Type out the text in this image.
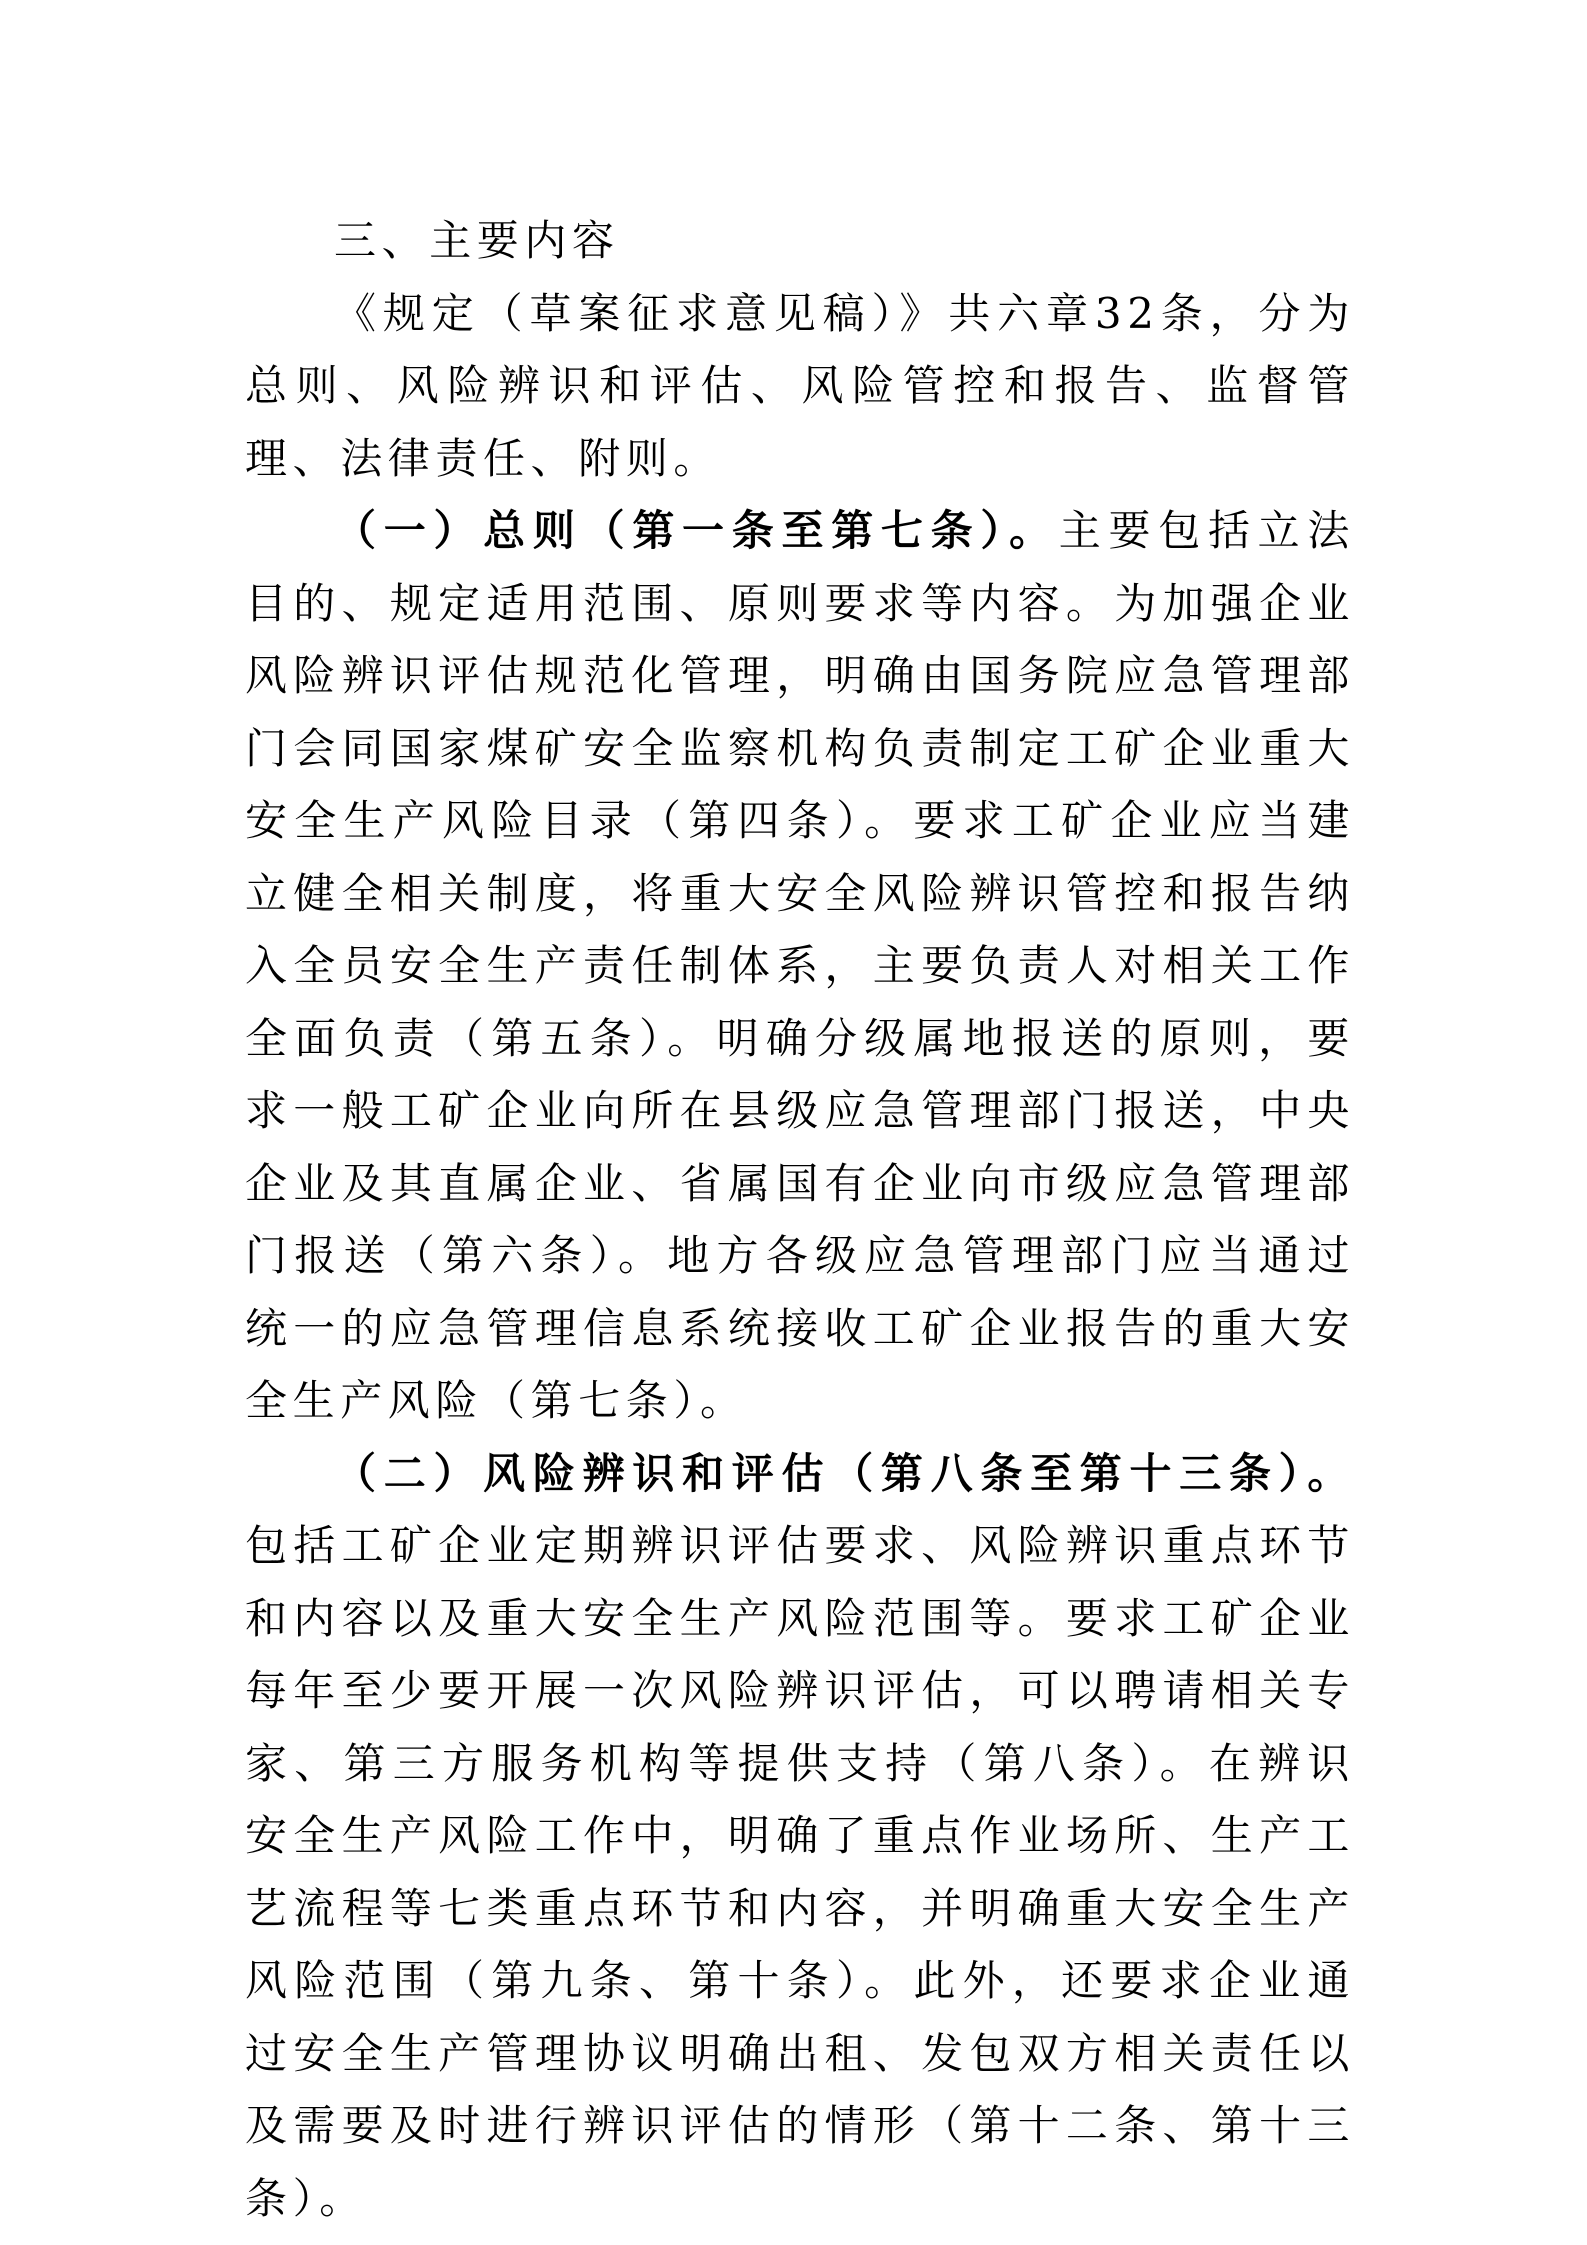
三、主要内容

《规定（草案征求意见稿）》共六章32条，分为总则、风险辨识和评估、风险管控和报告、监督管理、法律责任、附则。

（一）总则（第一条至第七条）。主要包括立法目的、规定适用范围、原则要求等内容。为加强企业风险辨识评估规范化管理，明确由国务院应急管理部门会同国家煤矿安全监察机构负责制定工矿企业重大安全生产风险目录（第四条）。要求工矿企业应当建立健全相关制度，将重大安全风险辨识管控和报告纳入全员安全生产责任制体系，主要负责人对相关工作全面负责（第五条）。明确分级属地报送的原则，要求一般工矿企业向所在县级应急管理部门报送，中央企业及其直属企业、省属国有企业向市级应急管理部门报送（第六条）。地方各级应急管理部门应当通过统一的应急管理信息系统接收工矿企业报告的重大安全生产风险（第七条）。

（二）风险辨识和评估（第八条至第十三条）。包括工矿企业定期辨识评估要求、风险辨识重点环节和内容以及重大安全生产风险范围等。要求工矿企业每年至少要开展一次风险辨识评估，可以聘请相关专家、第三方服务机构等提供支持（第八条）。在辨识安全生产风险工作中，明确了重点作业场所、生产工艺流程等七类重点环节和内容，并明确重大安全生产风险范围（第九条、第十条）。此外，还要求企业通过安全生产管理协议明确出租、发包双方相关责任以及需要及时进行辨识评估的情形（第十二条、第十三条）。
